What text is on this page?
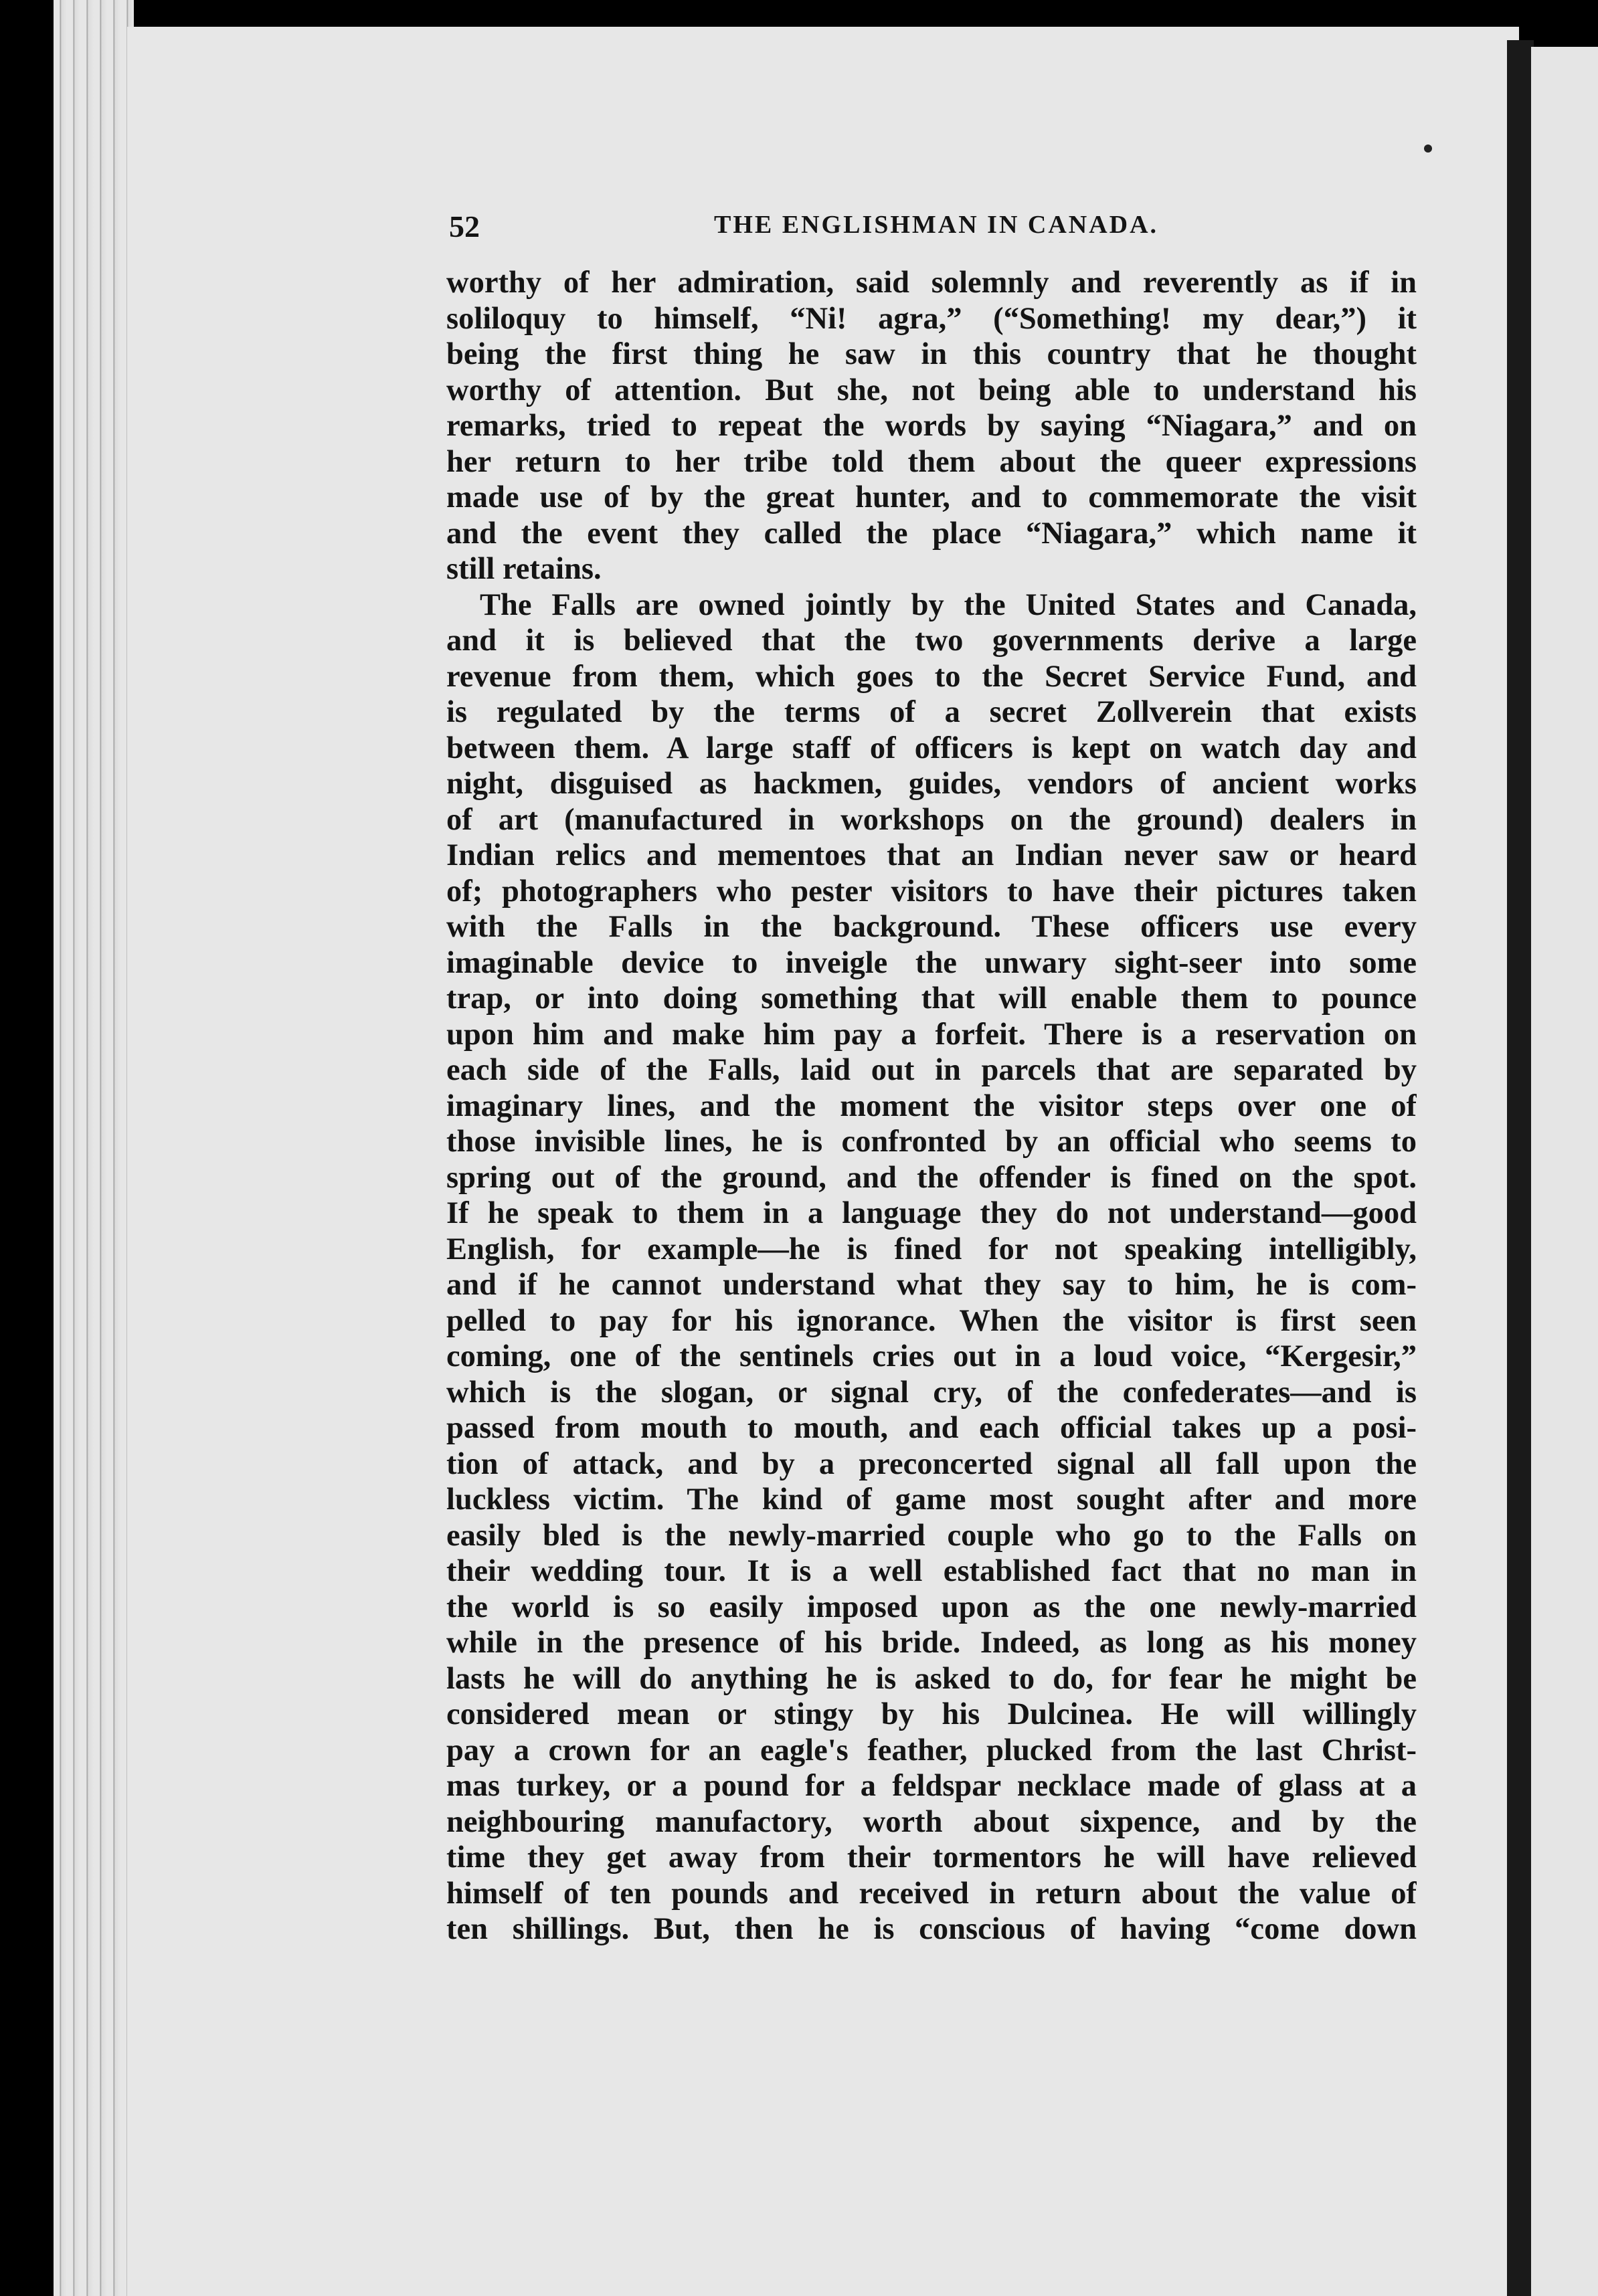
52	THE ENGLISHMAN IN CANADA.

worthy of her admiration, said solemnly and reverently as if in

soliloquy to himself, “Ni! agra,” (“Something! my dear,”) it

being the first thing he saw in this country that he thought

worthy of attention. But she, not being able to understand his

remarks, tried to repeat the words by saying “Niagara,” and on

her return to her tribe told them about the queer expressions

made use of by the great hunter, and to commemorate the visit

and the event they called the place “Niagara,” which name it

still retains.

The Falls are owned jointly by the United States and Canada,

and it is believed that the two governments derive a large

revenue from them, which goes to the Secret Service Fund, and

is regulated by the terms of a secret Zollverein that exists

between them. A large staff of officers is kept on watch day and

night, disguised as hackmen, guides, vendors of ancient works

of art (manufactured in workshops on the ground) dealers in

Indian relics and mementoes that an Indian never saw or heard

of; photographers who pester visitors to have their pictures taken

with the Falls in the background. These officers use every

imaginable device to inveigle the unwary sight-seer into some

trap, or into doing something that will enable them to pounce

upon him and make him pay a forfeit. There is a reservation on

each side of the Falls, laid out in parcels that are separated by

imaginary lines, and the moment the visitor steps over one of

those invisible lines, he is confronted by an official who seems to

spring out of the ground, and the offender is fined on the spot.

If he speak to them in a language they do not understand—good

English, for example—he is fined for not speaking intelligibly,

and if he cannot understand what they say to him, he is com-

pelled to pay for his ignorance. When the visitor is first seen

coming, one of the sentinels cries out in a loud voice, “Kergesir,”

which is the slogan, or signal cry, of the confederates—and is

passed from mouth to mouth, and each official takes up a posi-

tion of attack, and by a preconcerted signal all fall upon the

luckless victim. The kind of game most sought after and more

easily bled is the newly-married couple who go to the Falls on

their wedding tour. It is a well established fact that no man in

the world is so easily imposed upon as the one newly-married

while in the presence of his bride. Indeed, as long as his money

lasts he will do anything he is asked to do, for fear he might be

considered mean or stingy by his Dulcinea. He will willingly

pay a crown for an eagle's feather, plucked from the last Christ-

mas turkey, or a pound for a feldspar necklace made of glass at a

neighbouring manufactory, worth about sixpence, and by the

time they get away from their tormentors he will have relieved

himself of ten pounds and received in return about the value of

ten shillings. But, then he is conscious of having “come down
